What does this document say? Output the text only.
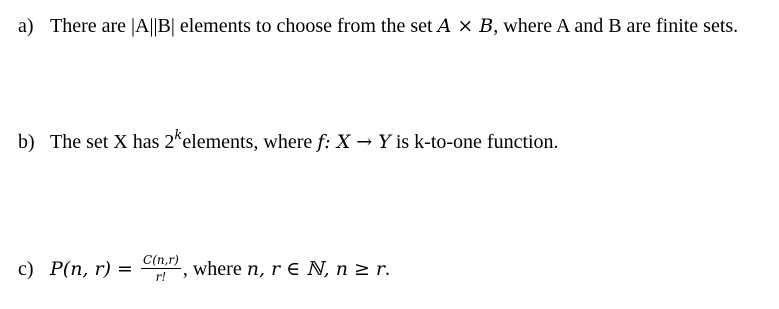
a) There are |A||B| elements to choose from the set A × B, where A and B are finite sets.
b) The set X has 2$^k$elements, where f: X → Y is k-to-one function.
c) P(n, $r) = \frac{C(n,r)}{r!}$ , where n, r ∈ ℕ, n ≥ r.
